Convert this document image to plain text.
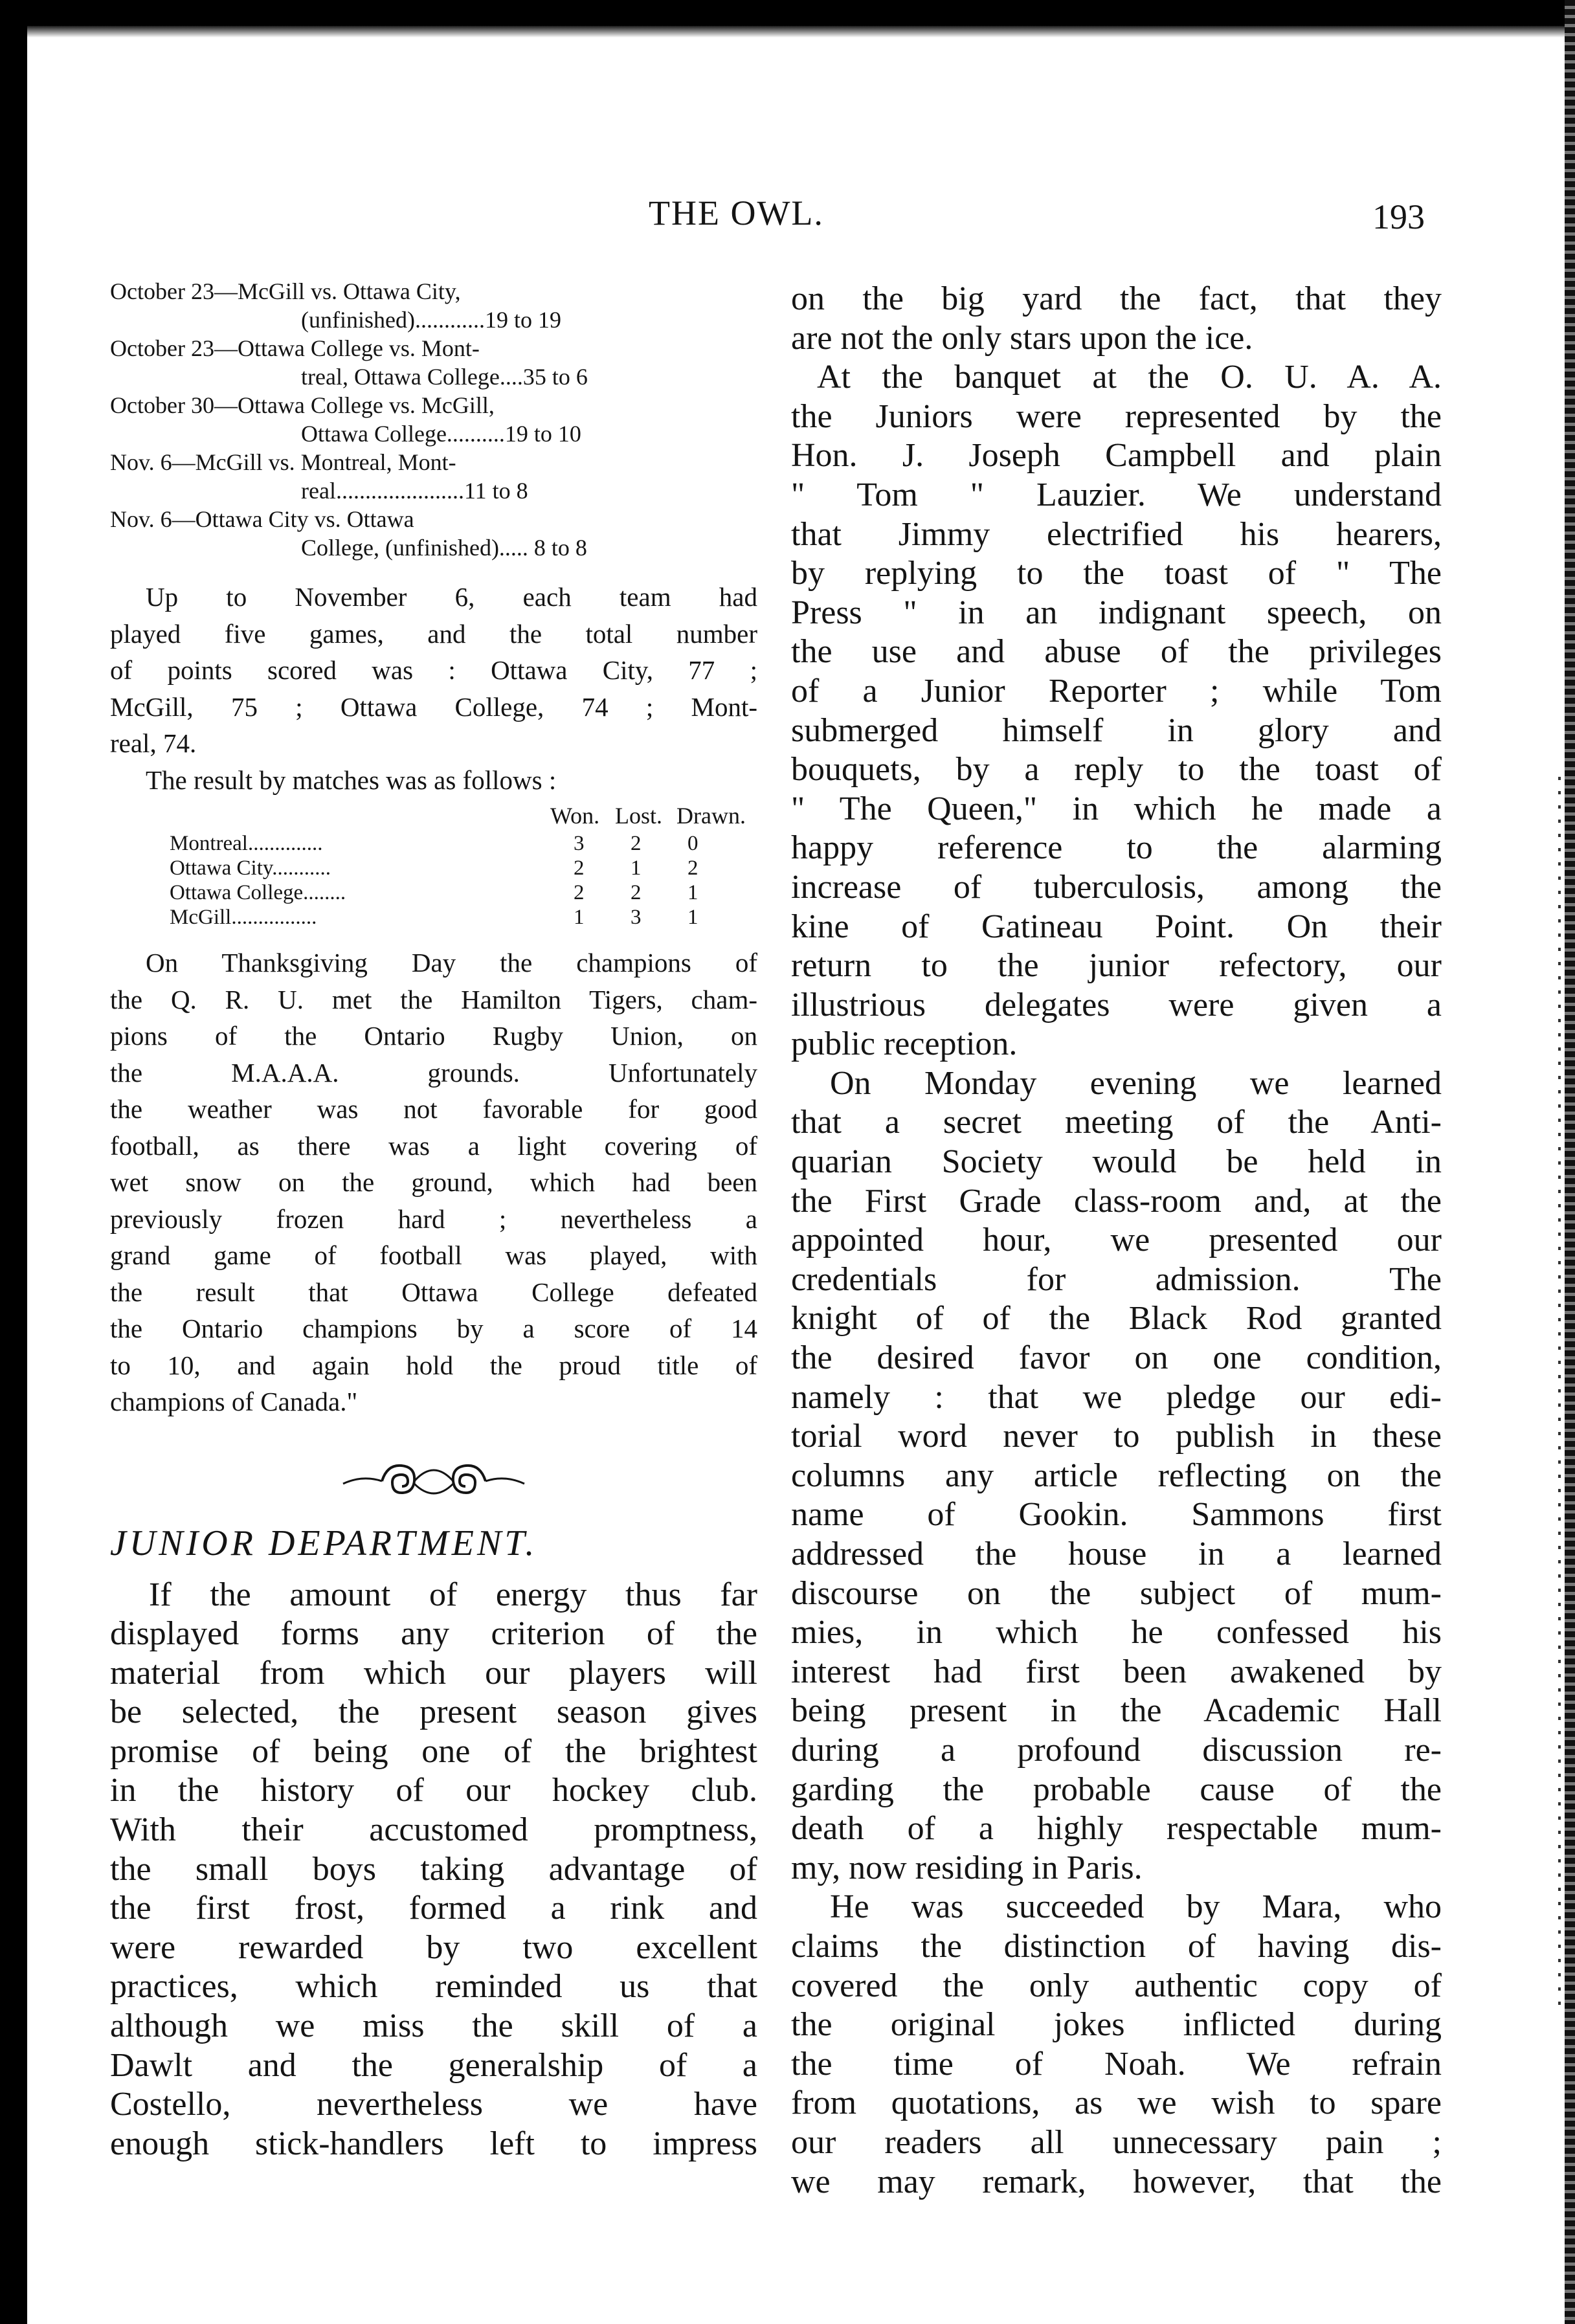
THE OWL.	193
October 23—McGill vs. Ottawa City,
(unfinished)............19 to 19
October 23—Ottawa College vs. Mont-
treal, Ottawa College....35 to 6
October 30—Ottawa College vs. McGill,
Ottawa College..........19 to 10
Nov. 6—McGill vs. Montreal, Mont-
real......................11 to 8
Nov. 6—Ottawa City vs. Ottawa
College, (unfinished)..... 8 to 8
Up to November 6, each team had
played five games, and the total number
of points scored was : Ottawa City, 77 ;
McGill, 75 ; Ottawa College, 74 ; Mont-
real, 74.
The result by matches was as follows :
Won. Lost. Drawn.
Montreal..............	3 2 0
Ottawa City...........	2 1 2
Ottawa College........	2 2 1
McGill................	1 3 1
On Thanksgiving Day the champions of
the Q. R. U. met the Hamilton Tigers, cham-
pions of the Ontario Rugby Union, on
the M.A.A.A. grounds. Unfortunately
the weather was not favorable for good
football, as there was a light covering of
wet snow on the ground, which had been
previously frozen hard ; nevertheless a
grand game of football was played, with
the result that Ottawa College defeated
the Ontario champions by a score of 14
to 10, and again hold the proud title of
champions of Canada."
JUNIOR DEPARTMENT.
If the amount of energy thus far
displayed forms any criterion of the
material from which our players will
be selected, the present season gives
promise of being one of the brightest
in the history of our hockey club.
With their accustomed promptness,
the small boys taking advantage of
the first frost, formed a rink and
were rewarded by two excellent
practices, which reminded us that
although we miss the skill of a
Dawlt and the generalship of a
Costello, nevertheless we have
enough stick-handlers left to impress
on the big yard the fact, that they
are not the only stars upon the ice.
At the banquet at the O. U. A. A.
the Juniors were represented by the
Hon. J. Joseph Campbell and plain
" Tom " Lauzier. We understand
that Jimmy electrified his hearers,
by replying to the toast of " The
Press " in an indignant speech, on
the use and abuse of the privileges
of a Junior Reporter ; while Tom
submerged himself in glory and
bouquets, by a reply to the toast of
" The Queen," in which he made a
happy reference to the alarming
increase of tuberculosis, among the
kine of Gatineau Point. On their
return to the junior refectory, our
illustrious delegates were given a
public reception.
On Monday evening we learned
that a secret meeting of the Anti-
quarian Society would be held in
the First Grade class-room and, at the
appointed hour, we presented our
credentials for admission. The
knight of of the Black Rod granted
the desired favor on one condition,
namely : that we pledge our edi-
torial word never to publish in these
columns any article reflecting on the
name of Gookin. Sammons first
addressed the house in a learned
discourse on the subject of mum-
mies, in which he confessed his
interest had first been awakened by
being present in the Academic Hall
during a profound discussion re-
garding the probable cause of the
death of a highly respectable mum-
my, now residing in Paris.
He was succeeded by Mara, who
claims the distinction of having dis-
covered the only authentic copy of
the original jokes inflicted during
the time of Noah. We refrain
from quotations, as we wish to spare
our readers all unnecessary pain ;
we may remark, however, that the
